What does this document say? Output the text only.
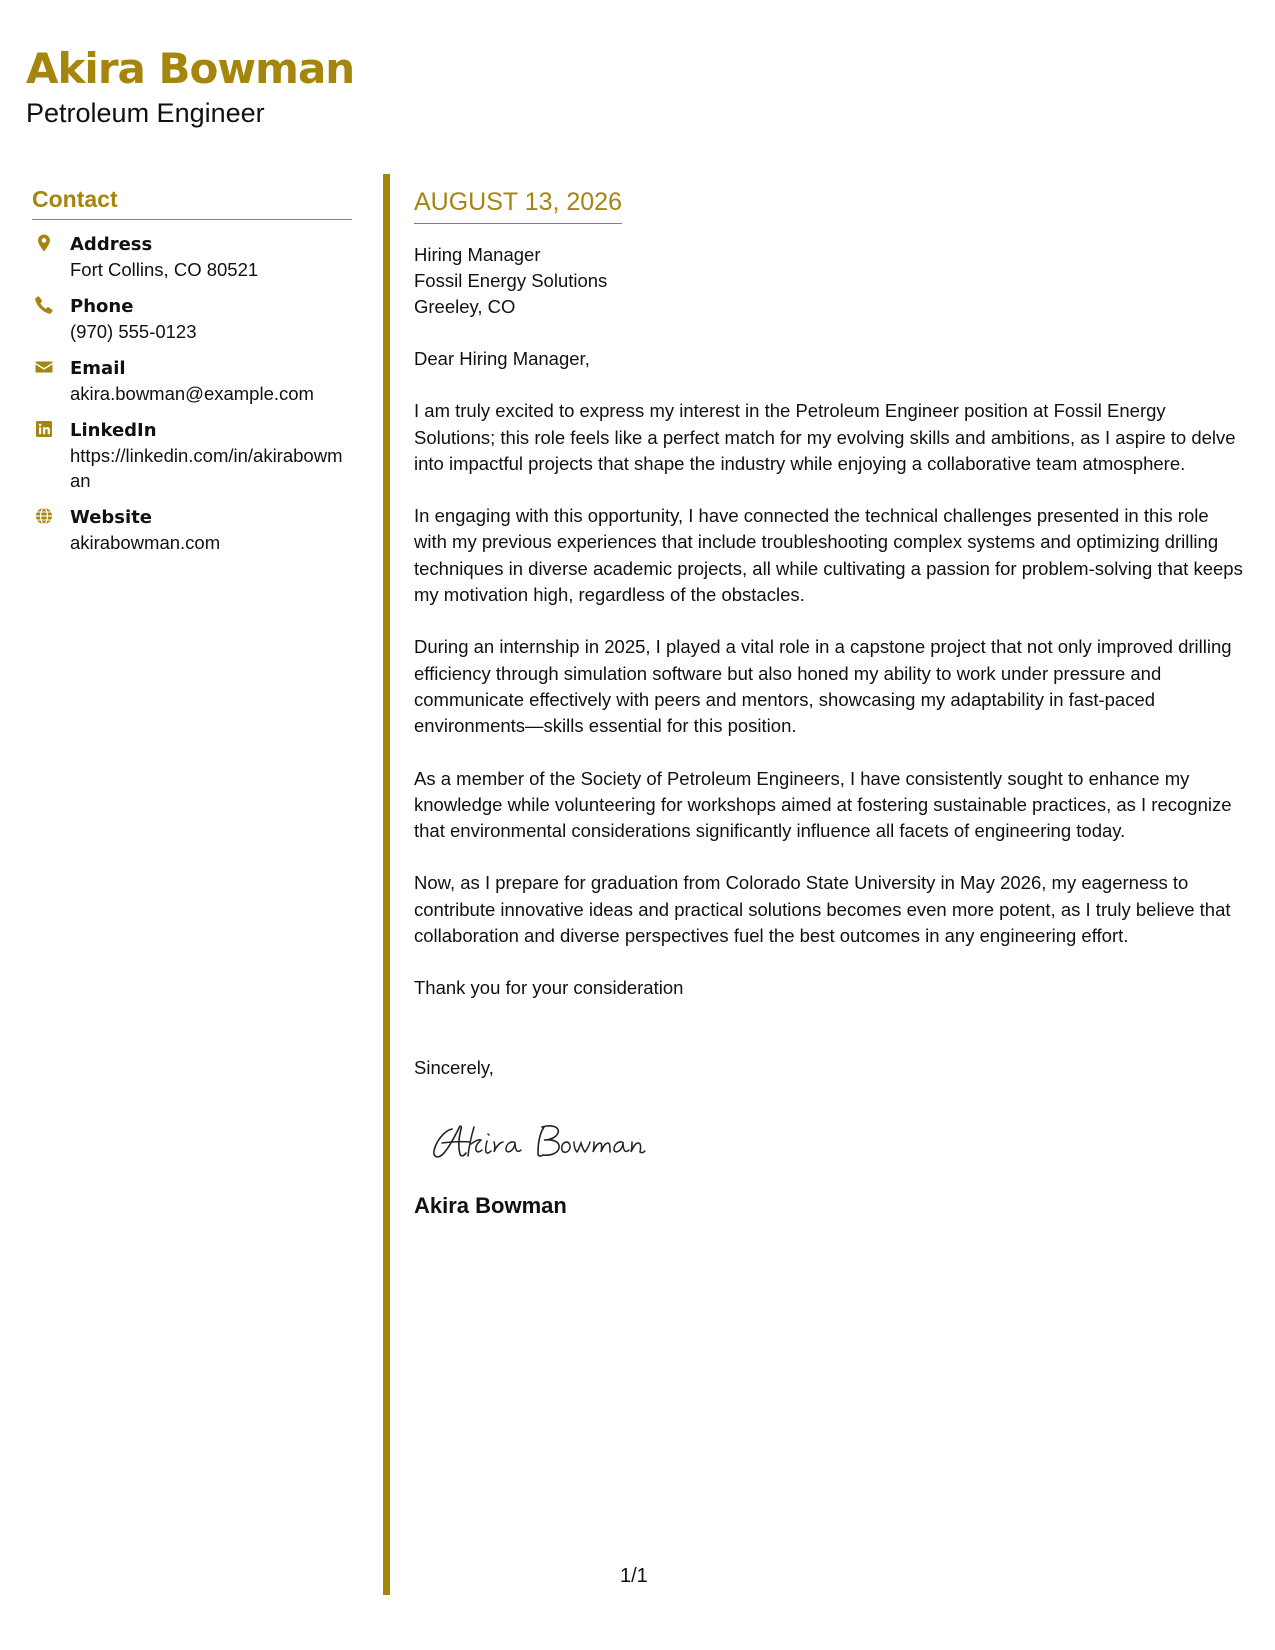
Akira Bowman
Petroleum Engineer
Contact
Address
Fort Collins, CO 80521
Phone
(970) 555-0123
Email
akira.bowman@example.com
LinkedIn
https://linkedin.com/in/akirabowman
Website
akirabowman.com
AUGUST 13, 2026
Hiring Manager
Fossil Energy Solutions
Greeley, CO

Dear Hiring Manager,

I am truly excited to express my interest in the Petroleum Engineer position at Fossil Energy Solutions; this role feels like a perfect match for my evolving skills and ambitions, as I aspire to delve into impactful projects that shape the industry while enjoying a collaborative team atmosphere.

In engaging with this opportunity, I have connected the technical challenges presented in this role with my previous experiences that include troubleshooting complex systems and optimizing drilling techniques in diverse academic projects, all while cultivating a passion for problem-solving that keeps my motivation high, regardless of the obstacles.

During an internship in 2025, I played a vital role in a capstone project that not only improved drilling efficiency through simulation software but also honed my ability to work under pressure and communicate effectively with peers and mentors, showcasing my adaptability in fast-paced environments—skills essential for this position.

As a member of the Society of Petroleum Engineers, I have consistently sought to enhance my knowledge while volunteering for workshops aimed at fostering sustainable practices, as I recognize that environmental considerations significantly influence all facets of engineering today.

Now, as I prepare for graduation from Colorado State University in May 2026, my eagerness to contribute innovative ideas and practical solutions becomes even more potent, as I truly believe that collaboration and diverse perspectives fuel the best outcomes in any engineering effort.

Thank you for your consideration

Sincerely,

Akira Bowman
1/1
